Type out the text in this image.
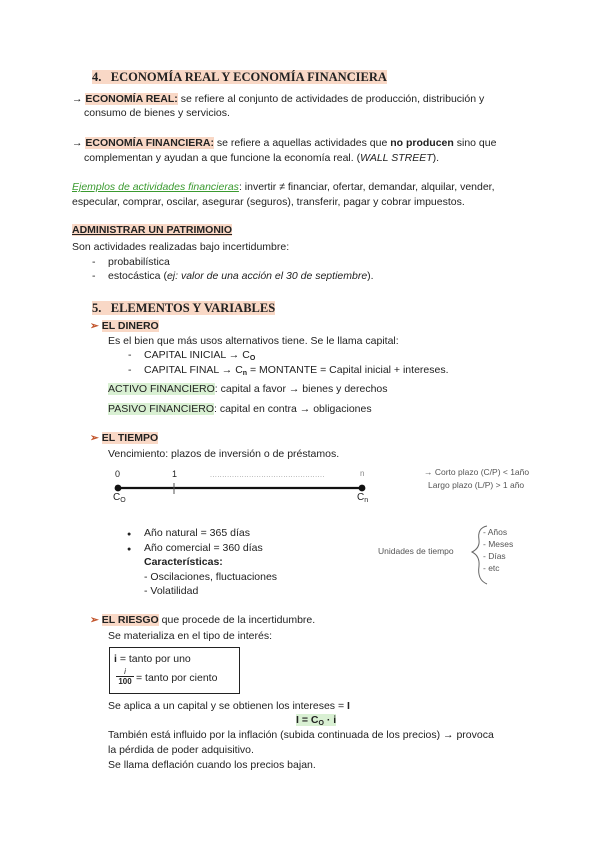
4. ECONOMÍA REAL Y ECONOMÍA FINANCIERA
→ ECONOMÍA REAL: se refiere al conjunto de actividades de producción, distribución y
consumo de bienes y servicios.
→ ECONOMÍA FINANCIERA: se refiere a aquellas actividades que no producen sino que
complementan y ayudan a que funcione la economía real. (WALL STREET).
Ejemplos de actividades financieras: invertir ≠ financiar, ofertar, demandar, alquilar, vender,
especular, comprar, oscilar, asegurar (seguros), transferir, pagar y cobrar impuestos.
ADMINISTRAR UN PATRIMONIO
Son actividades realizadas bajo incertidumbre:
- probabilística
- estocástica (ej: valor de una acción el 30 de septiembre).
5. ELEMENTOS Y VARIABLES
➢ EL DINERO
Es el bien que más usos alternativos tiene. Se le llama capital:
- CAPITAL INICIAL → $C_O$
- CAPITAL FINAL → $C_n$ = MONTANTE = Capital inicial + intereses.
ACTIVO FINANCIERO: capital a favor → bienes y derechos
PASIVO FINANCIERO: capital en contra → obligaciones
➢ EL TIEMPO
Vencimiento: plazos de inversión o de préstamos.
0	1	n
...............................................
$C_O$	$C_n$
→ Corto plazo (C/P) < 1año
Largo plazo (L/P) > 1 año
● Año natural = 365 días
● Año comercial = 360 días
Características:
- Oscilaciones, fluctuaciones
- Volatilidad
Unidades de tiempo
- Años
- Meses
- Días
- etc
➢ EL RIESGO que procede de la incertidumbre.
Se materializa en el tipo de interés:
i = tanto por uno
$\frac{i}{100}$ = tanto por ciento
Se aplica a un capital y se obtienen los intereses = I
$I = C_O \cdot i$
También está influido por la inflación (subida continuada de los precios) → provoca
la pérdida de poder adquisitivo.
Se llama deflación cuando los precios bajan.
